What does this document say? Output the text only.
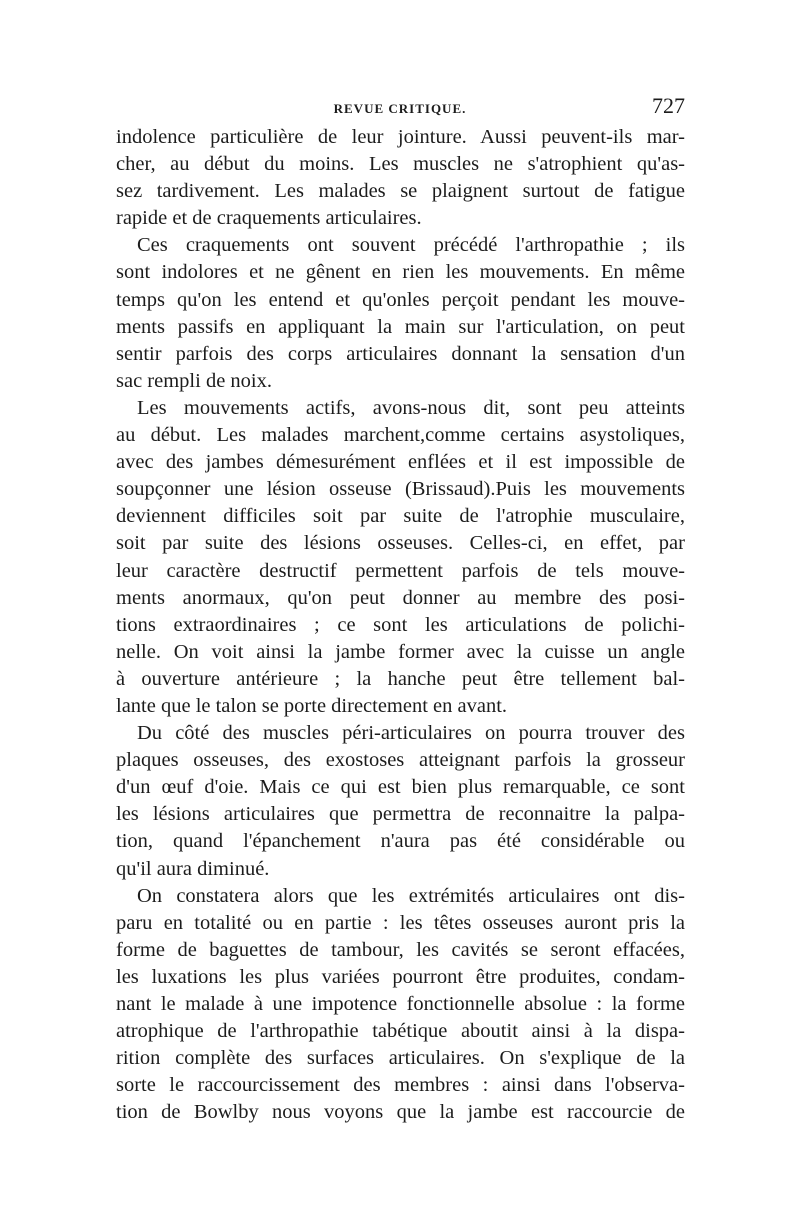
REVUE CRITIQUE.	727
indolence particulière de leur jointure. Aussi peuvent-ils mar-
cher, au début du moins. Les muscles ne s'atrophient qu'as-
sez tardivement. Les malades se plaignent surtout de fatigue
rapide et de craquements articulaires.
Ces craquements ont souvent précédé l'arthropathie ; ils
sont indolores et ne gênent en rien les mouvements. En même
temps qu'on les entend et qu'onles perçoit pendant les mouve-
ments passifs en appliquant la main sur l'articulation, on peut
sentir parfois des corps articulaires donnant la sensation d'un
sac rempli de noix.
Les mouvements actifs, avons-nous dit, sont peu atteints
au début. Les malades marchent,comme certains asystoliques,
avec des jambes démesurément enflées et il est impossible de
soupçonner une lésion osseuse (Brissaud).Puis les mouvements
deviennent difficiles soit par suite de l'atrophie musculaire,
soit par suite des lésions osseuses. Celles-ci, en effet, par
leur caractère destructif permettent parfois de tels mouve-
ments anormaux, qu'on peut donner au membre des posi-
tions extraordinaires ; ce sont les articulations de polichi-
nelle. On voit ainsi la jambe former avec la cuisse un angle
à ouverture antérieure ; la hanche peut être tellement bal-
lante que le talon se porte directement en avant.
Du côté des muscles péri-articulaires on pourra trouver des
plaques osseuses, des exostoses atteignant parfois la grosseur
d'un œuf d'oie. Mais ce qui est bien plus remarquable, ce sont
les lésions articulaires que permettra de reconnaitre la palpa-
tion, quand l'épanchement n'aura pas été considérable ou
qu'il aura diminué.
On constatera alors que les extrémités articulaires ont dis-
paru en totalité ou en partie : les têtes osseuses auront pris la
forme de baguettes de tambour, les cavités se seront effacées,
les luxations les plus variées pourront être produites, condam-
nant le malade à une impotence fonctionnelle absolue : la forme
atrophique de l'arthropathie tabétique aboutit ainsi à la dispa-
rition complète des surfaces articulaires. On s'explique de la
sorte le raccourcissement des membres : ainsi dans l'observa-
tion de Bowlby nous voyons que la jambe est raccourcie de
